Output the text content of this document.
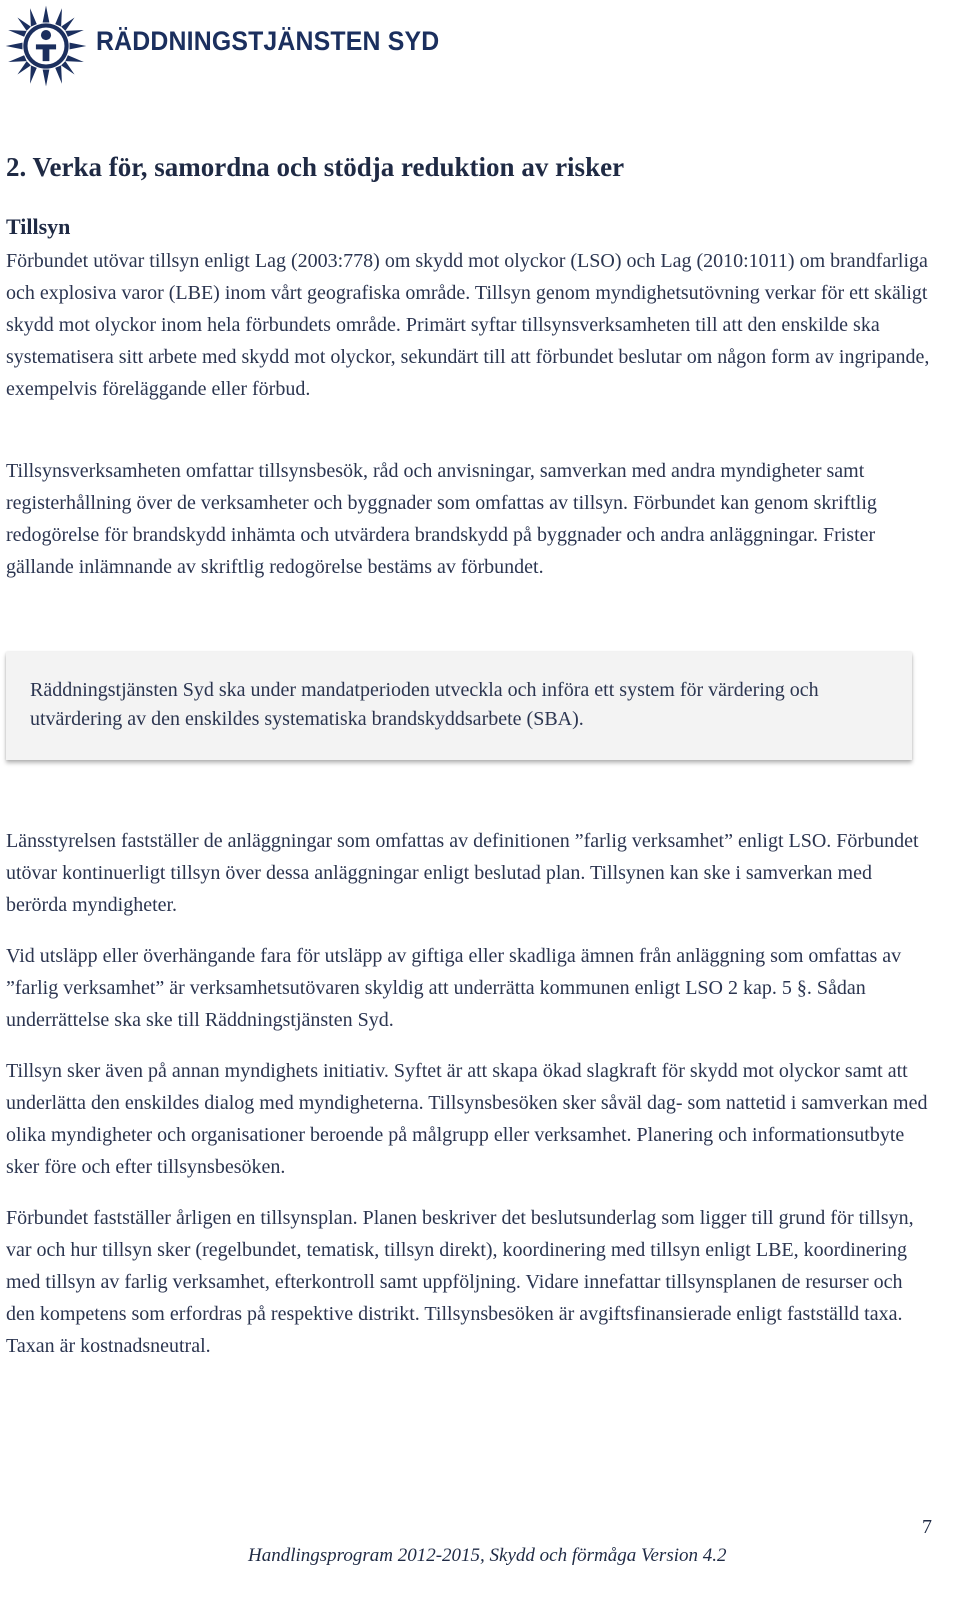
RÄDDNINGSTJÄNSTEN SYD
2. Verka för, samordna och stödja reduktion av risker
Tillsyn

Förbundet utövar tillsyn enligt Lag (2003:778) om skydd mot olyckor (LSO) och Lag (2010:1011) om brandfarliga och explosiva varor (LBE) inom vårt geografiska område. Tillsyn genom myndighetsutövning verkar för ett skäligt skydd mot olyckor inom hela förbundets område. Primärt syftar tillsynsverksamheten till att den enskilde ska systematisera sitt arbete med skydd mot olyckor, sekundärt till att förbundet beslutar om någon form av ingripande, exempelvis föreläggande eller förbud.

Tillsynsverksamheten omfattar tillsynsbesök, råd och anvisningar, samverkan med andra myndigheter samt registerhållning över de verksamheter och byggnader som omfattas av tillsyn. Förbundet kan genom skriftlig redogörelse för brandskydd inhämta och utvärdera brandskydd på byggnader och andra anläggningar. Frister gällande inlämnande av skriftlig redogörelse bestäms av förbundet.

Räddningstjänsten Syd ska under mandatperioden utveckla och införa ett system för värdering och utvärdering av den enskildes systematiska brandskyddsarbete (SBA).

Länsstyrelsen fastställer de anläggningar som omfattas av definitionen ”farlig verksamhet” enligt LSO. Förbundet utövar kontinuerligt tillsyn över dessa anläggningar enligt beslutad plan. Tillsynen kan ske i samverkan med berörda myndigheter.

Vid utsläpp eller överhängande fara för utsläpp av giftiga eller skadliga ämnen från anläggning som omfattas av ”farlig verksamhet” är verksamhetsutövaren skyldig att underrätta kommunen enligt LSO 2 kap. 5 §. Sådan underrättelse ska ske till Räddningstjänsten Syd.

Tillsyn sker även på annan myndighets initiativ. Syftet är att skapa ökad slagkraft för skydd mot olyckor samt att underlätta den enskildes dialog med myndigheterna. Tillsynsbesöken sker såväl dag- som nattetid i samverkan med olika myndigheter och organisationer beroende på målgrupp eller verksamhet. Planering och informationsutbyte sker före och efter tillsynsbesöken.

Förbundet fastställer årligen en tillsynsplan. Planen beskriver det beslutsunderlag som ligger till grund för tillsyn, var och hur tillsyn sker (regelbundet, tematisk, tillsyn direkt), koordinering med tillsyn enligt LBE, koordinering med tillsyn av farlig verksamhet, efterkontroll samt uppföljning. Vidare innefattar tillsynsplanen de resurser och den kompetens som erfordras på respektive distrikt. Tillsynsbesöken är avgiftsfinansierade enligt fastställd taxa. Taxan är kostnadsneutral.

7
Handlingsprogram 2012-2015, Skydd och förmåga Version 4.2
